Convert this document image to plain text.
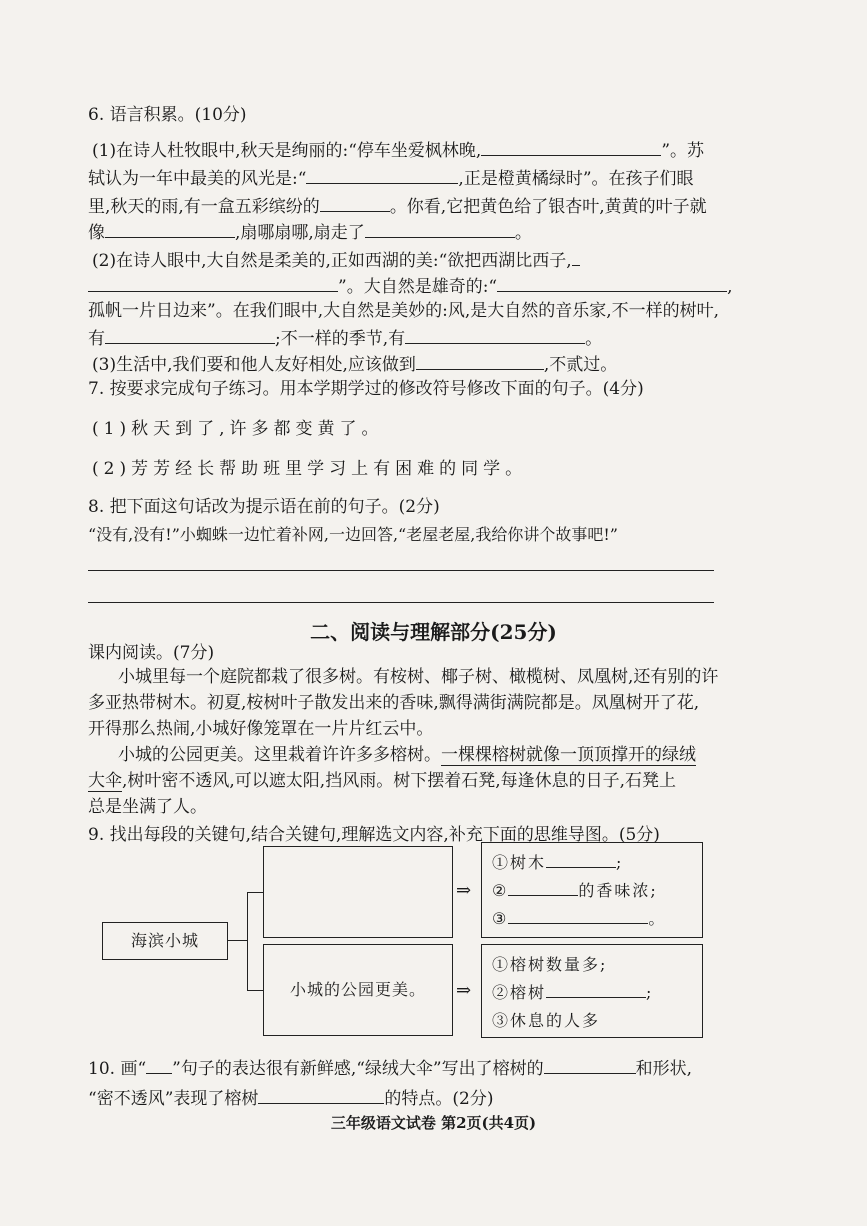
6. 语言积累。(10分)
(1)在诗人杜牧眼中,秋天是绚丽的:“停车坐爱枫林晚,	”。苏
轼认为一年中最美的风光是:“	,正是橙黄橘绿时”。在孩子们眼
里,秋天的雨,有一盒五彩缤纷的	。你看,它把黄色给了银杏叶,黄黄的叶子就
像	,扇哪扇哪,扇走了	。
(2)在诗人眼中,大自然是柔美的,正如西湖的美:“欲把西湖比西子,
”。大自然是雄奇的:“	,
孤帆一片日边来”。在我们眼中,大自然是美妙的:风,是大自然的音乐家,不一样的树叶,
有	;不一样的季节,有	。
(3)生活中,我们要和他人友好相处,应该做到	,不贰过。
7. 按要求完成句子练习。用本学期学过的修改符号修改下面的句子。(4分)
(1)秋天到了,许多都变黄了。
(2)芳芳经长帮助班里学习上有困难的同学。
8. 把下面这句话改为提示语在前的句子。(2分)
“没有,没有!”小蜘蛛一边忙着补网,一边回答,“老屋老屋,我给你讲个故事吧!”
二、阅读与理解部分(25分)
课内阅读。(7分)
小城里每一个庭院都栽了很多树。有桉树、椰子树、橄榄树、凤凰树,还有别的许
多亚热带树木。初夏,桉树叶子散发出来的香味,飘得满街满院都是。凤凰树开了花,
开得那么热闹,小城好像笼罩在一片片红云中。
小城的公园更美。这里栽着许许多多榕树。一棵棵榕树就像一顶顶撑开的绿绒
大伞,树叶密不透风,可以遮太阳,挡风雨。树下摆着石凳,每逢休息的日子,石凳上
总是坐满了人。
9. 找出每段的关键句,结合关键句,理解选文内容,补充下面的思维导图。(5分)
海滨小城
小城的公园更美。
⇒
⇒
①树木	;
②	的香味浓;
③	。
①榕树数量多;
②榕树	;
③休息的人多
10. 画“ ”句子的表达很有新鲜感,“绿绒大伞”写出了榕树的	和形状,
“密不透风”表现了榕树	的特点。(2分)
三年级语文试卷 第2页(共4页)
